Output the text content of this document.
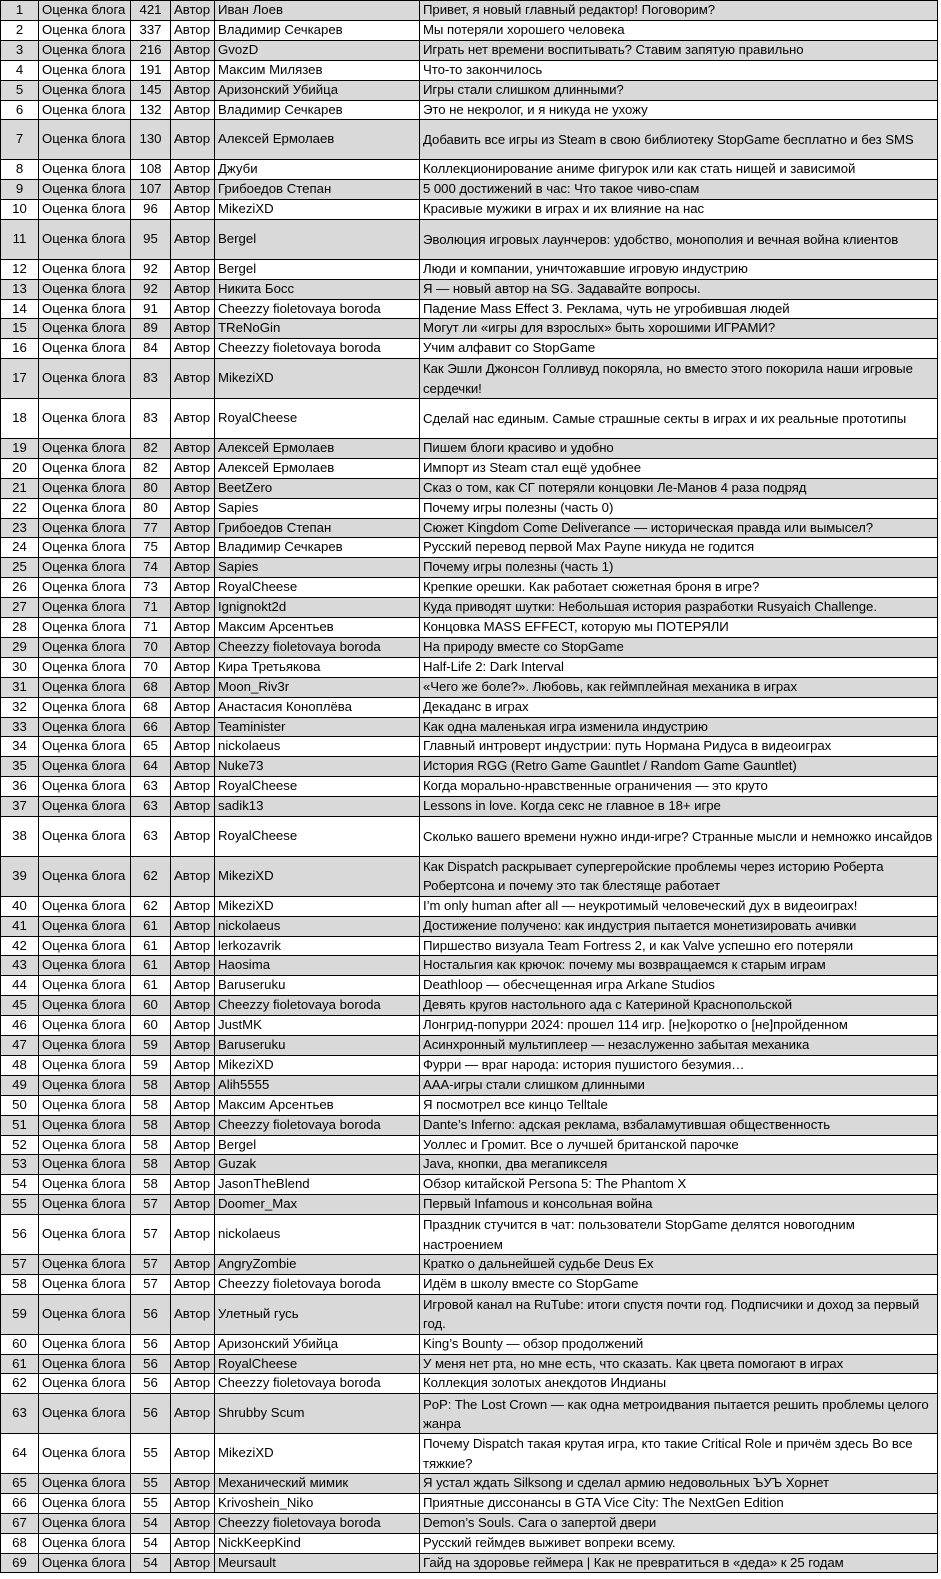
1	Оценка блога	421	Автор	Иван Лоев	Привет, я новый главный редактор! Поговорим?
2	Оценка блога	337	Автор	Владимир Сечкарев	Мы потеряли хорошего человека
3	Оценка блога	216	Автор	GvozD	Играть нет времени воспитывать? Ставим запятую правильно
4	Оценка блога	191	Автор	Максим Милязев	Что-то закончилось
5	Оценка блога	145	Автор	Аризонский Убийца	Игры стали слишком длинными?
6	Оценка блога	132	Автор	Владимир Сечкарев	Это не некролог, и я никуда не ухожу
7	Оценка блога	130	Автор	Алексей Ермолаев	Добавить все игры из Steam в свою библиотеку StopGame бесплатно и без SMS
8	Оценка блога	108	Автор	Джуби	Коллекционирование аниме фигурок или как стать нищей и зависимой
9	Оценка блога	107	Автор	Грибоедов Степан	5 000 достижений в час: Что такое чиво-спам
10	Оценка блога	96	Автор	MikeziXD	Красивые мужики в играх и их влияние на нас
11	Оценка блога	95	Автор	Bergel	Эволюция игровых лаунчеров: удобство, монополия и вечная война клиентов
12	Оценка блога	92	Автор	Bergel	Люди и компании, уничтожавшие игровую индустрию
13	Оценка блога	92	Автор	Никита Босс	Я — новый автор на SG. Задавайте вопросы.
14	Оценка блога	91	Автор	Cheezzy fioletovaya boroda	Падение Mass Effect 3. Реклама, чуть не угробившая людей
15	Оценка блога	89	Автор	TReNoGin	Могут ли «игры для взрослых» быть хорошими ИГРАМИ?
16	Оценка блога	84	Автор	Cheezzy fioletovaya boroda	Учим алфавит со StopGame
17	Оценка блога	83	Автор	MikeziXD	Как Эшли Джонсон Голливуд покоряла, но вместо этого покорила наши игровые сердечки!
18	Оценка блога	83	Автор	RoyalCheese	Сделай нас единым. Самые страшные секты в играх и их реальные прототипы
19	Оценка блога	82	Автор	Алексей Ермолаев	Пишем блоги красиво и удобно
20	Оценка блога	82	Автор	Алексей Ермолаев	Импорт из Steam стал ещё удобнее
21	Оценка блога	80	Автор	BeetZero	Сказ о том, как СГ потеряли концовки Ле-Манов 4 раза подряд
22	Оценка блога	80	Автор	Sapies	Почему игры полезны (часть 0)
23	Оценка блога	77	Автор	Грибоедов Степан	Сюжет Kingdom Come Deliverance — историческая правда или вымысел?
24	Оценка блога	75	Автор	Владимир Сечкарев	Русский перевод первой Max Payne никуда не годится
25	Оценка блога	74	Автор	Sapies	Почему игры полезны (часть 1)
26	Оценка блога	73	Автор	RoyalCheese	Крепкие орешки. Как работает сюжетная броня в игре?
27	Оценка блога	71	Автор	Ignignokt2d	Куда приводят шутки: Небольшая история разработки Rusyaich Challenge.
28	Оценка блога	71	Автор	Максим Арсентьев	Концовка MASS EFFECT, которую мы ПОТЕРЯЛИ
29	Оценка блога	70	Автор	Cheezzy fioletovaya boroda	На природу вместе со StopGame
30	Оценка блога	70	Автор	Кира Третьякова	Half-Life 2: Dark Interval
31	Оценка блога	68	Автор	Moon_Riv3r	«Чего же боле?». Любовь, как геймплейная механика в играх
32	Оценка блога	68	Автор	Анастасия Коноплёва	Декаданс в играх
33	Оценка блога	66	Автор	Teaminister	Как одна маленькая игра изменила индустрию
34	Оценка блога	65	Автор	nickolaeus	Главный интроверт индустрии: путь Нормана Ридуса в видеоиграх
35	Оценка блога	64	Автор	Nuke73	История RGG (Retro Game Gauntlet / Random Game Gauntlet)
36	Оценка блога	63	Автор	RoyalCheese	Когда морально-нравственные ограничения — это круто
37	Оценка блога	63	Автор	sadik13	Lessons in love. Когда секс не главное в 18+ игре
38	Оценка блога	63	Автор	RoyalCheese	Сколько вашего времени нужно инди-игре? Странные мысли и немножко инсайдов
39	Оценка блога	62	Автор	MikeziXD	Как Dispatch раскрывает супергеройские проблемы через историю Роберта Робертсона и почему это так блестяще работает
40	Оценка блога	62	Автор	MikeziXD	I’m only human after all — неукротимый человеческий дух в видеоиграх!
41	Оценка блога	61	Автор	nickolaeus	Достижение получено: как индустрия пытается монетизировать ачивки
42	Оценка блога	61	Автор	lerkozavrik	Пиршество визуала Team Fortress 2, и как Valve успешно его потеряли
43	Оценка блога	61	Автор	Haosima	Ностальгия как крючок: почему мы возвращаемся к старым играм
44	Оценка блога	61	Автор	Baruseruku	Deathloop — обесчещенная игра Arkane Studios
45	Оценка блога	60	Автор	Cheezzy fioletovaya boroda	Девять кругов настольного ада с Катериной Краснопольской
46	Оценка блога	60	Автор	JustMK	Лонгрид-попурри 2024: прошел 114 игр. [не]коротко о [не]пройденном
47	Оценка блога	59	Автор	Baruseruku	Асинхронный мультиплеер — незаслуженно забытая механика
48	Оценка блога	59	Автор	MikeziXD	Фурри — враг народа: история пушистого безумия…
49	Оценка блога	58	Автор	Alih5555	AAA-игры стали слишком длинными
50	Оценка блога	58	Автор	Максим Арсентьев	Я посмотрел все кинцо Telltale
51	Оценка блога	58	Автор	Cheezzy fioletovaya boroda	Dante’s Inferno: адская реклама, взбаламутившая общественность
52	Оценка блога	58	Автор	Bergel	Уоллес и Громит. Все о лучшей британской парочке
53	Оценка блога	58	Автор	Guzak	Java, кнопки, два мегапикселя
54	Оценка блога	58	Автор	JasonTheBlend	Обзор китайской Persona 5: The Phantom X
55	Оценка блога	57	Автор	Doomer_Max	Первый Infamous и консольная война
56	Оценка блога	57	Автор	nickolaeus	Праздник стучится в чат: пользователи StopGame делятся новогодним настроением
57	Оценка блога	57	Автор	AngryZombie	Кратко о дальнейшей судьбе Deus Ex
58	Оценка блога	57	Автор	Cheezzy fioletovaya boroda	Идём в школу вместе со StopGame
59	Оценка блога	56	Автор	Улетный гусь	Игровой канал на RuTube: итоги спустя почти год. Подписчики и доход за первый год.
60	Оценка блога	56	Автор	Аризонский Убийца	King’s Bounty — обзор продолжений
61	Оценка блога	56	Автор	RoyalCheese	У меня нет рта, но мне есть, что сказать. Как цвета помогают в играх
62	Оценка блога	56	Автор	Cheezzy fioletovaya boroda	Коллекция золотых анекдотов Индианы
63	Оценка блога	56	Автор	Shrubby Scum	PoP: The Lost Crown — как одна метроидвания пытается решить проблемы целого жанра
64	Оценка блога	55	Автор	MikeziXD	Почему Dispatch такая крутая игра, кто такие Critical Role и причём здесь Во все тяжкие?
65	Оценка блога	55	Автор	Механический мимик	Я устал ждать Silksong и сделал армию недовольных ЪУЪ Хорнет
66	Оценка блога	55	Автор	Krivoshein_Niko	Приятные диссонансы в GTA Vice City: The NextGen Edition
67	Оценка блога	54	Автор	Cheezzy fioletovaya boroda	Demon’s Souls. Сага о запертой двери
68	Оценка блога	54	Автор	NickKeepKind	Русский геймдев выживет вопреки всему.
69	Оценка блога	54	Автор	Meursault	Гайд на здоровье геймера | Как не превратиться в «деда» к 25 годам
